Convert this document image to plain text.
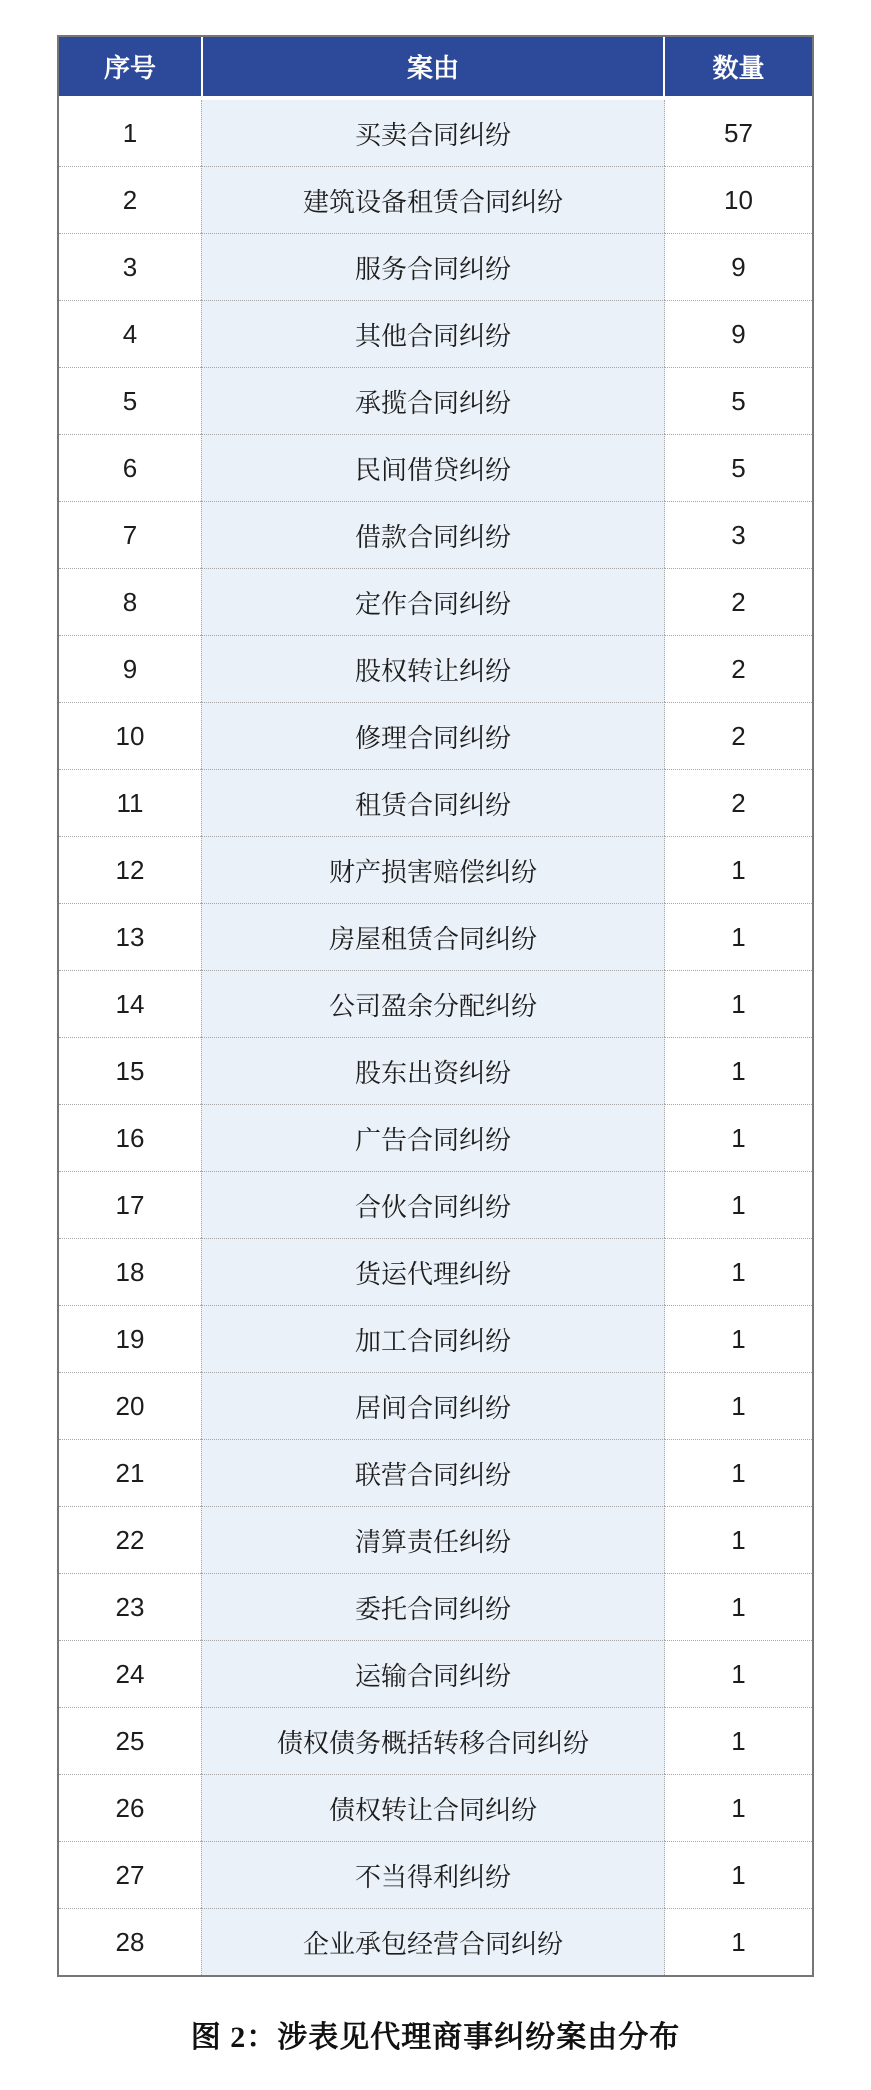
序号	案由	数量
1	买卖合同纠纷	57
2	建筑设备租赁合同纠纷	10
3	服务合同纠纷	9
4	其他合同纠纷	9
5	承揽合同纠纷	5
6	民间借贷纠纷	5
7	借款合同纠纷	3
8	定作合同纠纷	2
9	股权转让纠纷	2
10	修理合同纠纷	2
11	租赁合同纠纷	2
12	财产损害赔偿纠纷	1
13	房屋租赁合同纠纷	1
14	公司盈余分配纠纷	1
15	股东出资纠纷	1
16	广告合同纠纷	1
17	合伙合同纠纷	1
18	货运代理纠纷	1
19	加工合同纠纷	1
20	居间合同纠纷	1
21	联营合同纠纷	1
22	清算责任纠纷	1
23	委托合同纠纷	1
24	运输合同纠纷	1
25	债权债务概括转移合同纠纷	1
26	债权转让合同纠纷	1
27	不当得利纠纷	1
28	企业承包经营合同纠纷	1
图 2：涉表见代理商事纠纷案由分布
